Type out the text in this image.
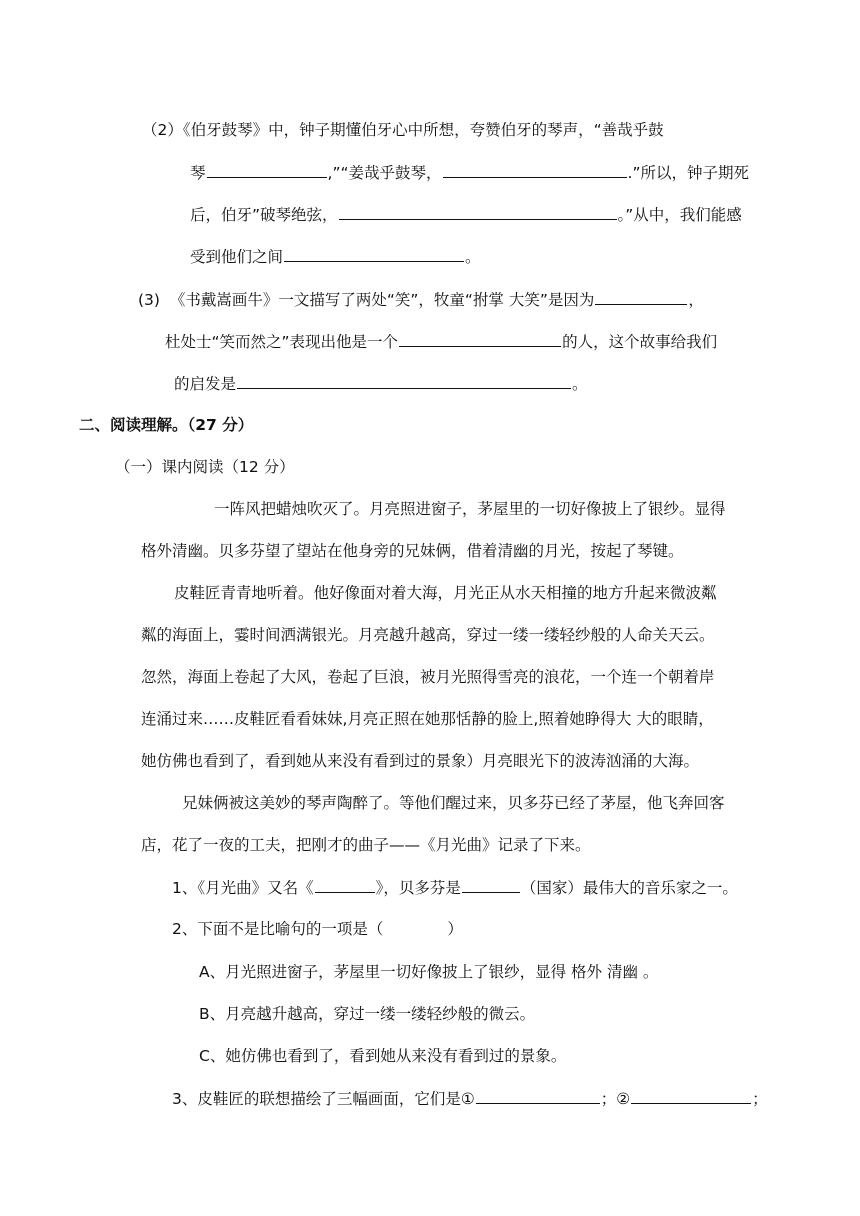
（2）《伯牙鼓琴》中，钟子期懂伯牙心中所想，夸赞伯牙的琴声，“善哉乎鼓
琴	,”“姜哉乎鼓琴，	.”所以，钟子期死
后，伯牙”破琴绝弦，	。”从中，我们能感
受到他们之间	。
(3) 《书戴嵩画牛》一文描写了两处“笑”，牧童“拊掌 大笑”是因为	，
杜处士“笑而然之”表现出他是一个	的人，这个故事给我们
的启发是	。
二、阅读理解。（27 分）
（一）课内阅读（12 分）
一阵风把蜡烛吹灭了。月亮照进窗子，茅屋里的一切好像披上了银纱。显得
格外清幽。贝多芬望了望站在他身旁的兄妹俩，借着清幽的月光，按起了琴键。
皮鞋匠青青地听着。他好像面对着大海，月光正从水天相撞的地方升起来微波粼
粼的海面上，霎时间洒满银光。月亮越升越高，穿过一缕一缕轻纱般的人命关天云。
忽然，海面上卷起了大风，卷起了巨浪，被月光照得雪亮的浪花，一个连一个朝着岸
连涌过来……皮鞋匠看看妹妹,月亮正照在她那恬静的脸上,照着她睁得大 大的眼睛，
她仿佛也看到了，看到她从来没有看到过的景象）月亮眼光下的波涛汹涌的大海。
兄妹俩被这美妙的琴声陶醉了。等他们醒过来，贝多芬已经了茅屋，他飞奔回客
店，花了一夜的工夫，把刚才的曲子——《月光曲》记录了下来。
1、《月光曲》又名《	》，贝多芬是	（国家）最伟大的音乐家之一。
2、下面不是比喻句的一项是（	）
A、月光照进窗子，茅屋里一切好像披上了银纱，显得 格外 清幽 。
B、月亮越升越高，穿过一缕一缕轻纱般的微云。
C、她仿佛也看到了，看到她从来没有看到过的景象。
3、皮鞋匠的联想描绘了三幅画面，它们是①	；②	；
